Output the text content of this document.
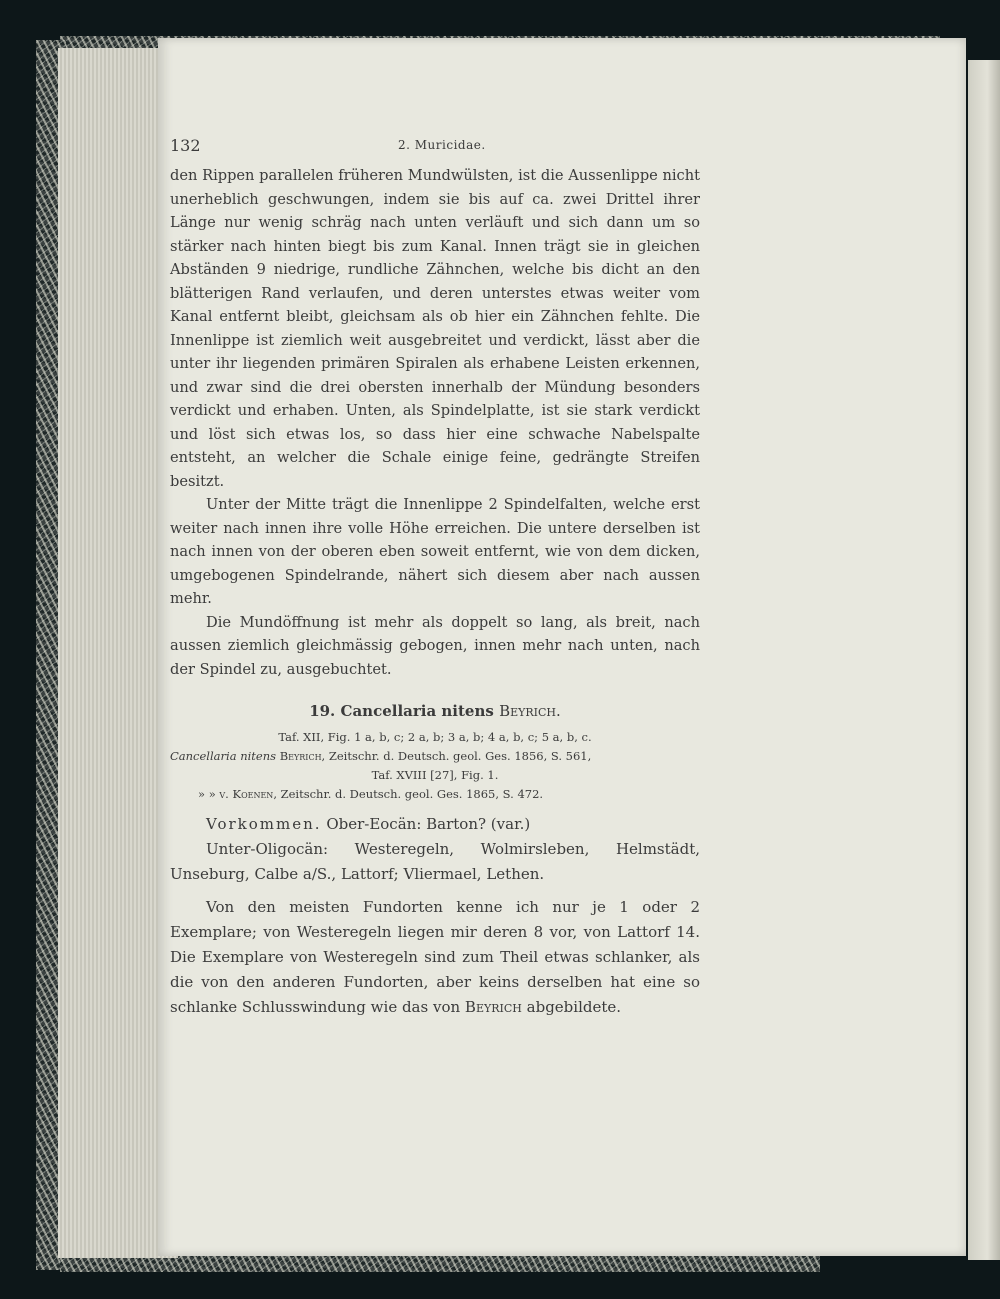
132	2. Muricidae.

den Rippen parallelen früheren Mundwülsten, ist die Aussenlippe nicht unerheblich geschwungen, indem sie bis auf ca. zwei Drittel ihrer Länge nur wenig schräg nach unten verläuft und sich dann um so stärker nach hinten biegt bis zum Kanal. Innen trägt sie in gleichen Abständen 9 niedrige, rundliche Zähnchen, welche bis dicht an den blätterigen Rand verlaufen, und deren unterstes etwas weiter vom Kanal entfernt bleibt, gleichsam als ob hier ein Zähnchen fehlte. Die Innenlippe ist ziemlich weit ausgebreitet und verdickt, lässt aber die unter ihr liegenden primären Spiralen als erhabene Leisten erkennen, und zwar sind die drei obersten innerhalb der Mündung besonders verdickt und erhaben. Unten, als Spindelplatte, ist sie stark verdickt und löst sich etwas los, so dass hier eine schwache Nabelspalte entsteht, an welcher die Schale einige feine, gedrängte Streifen besitzt.

Unter der Mitte trägt die Innenlippe 2 Spindelfalten, welche erst weiter nach innen ihre volle Höhe erreichen. Die untere derselben ist nach innen von der oberen eben soweit entfernt, wie von dem dicken, umgebogenen Spindelrande, nähert sich diesem aber nach aussen mehr.

Die Mundöffnung ist mehr als doppelt so lang, als breit, nach aussen ziemlich gleichmässig gebogen, innen mehr nach unten, nach der Spindel zu, ausgebuchtet.

19. Cancellaria nitens Beyrich.

Taf. XII, Fig. 1 a, b, c; 2 a, b; 3 a, b; 4 a, b, c; 5 a, b, c.

Cancellaria nitens Beyrich, Zeitschr. d. Deutsch. geol. Ges. 1856, S. 561,

Taf. XVIII [27], Fig. 1.

» » v. Koenen, Zeitschr. d. Deutsch. geol. Ges. 1865, S. 472.

Vorkommen. Ober-Eocän: Barton? (var.)

Unter-Oligocän: Westeregeln, Wolmirsleben, Helmstädt, Unseburg, Calbe a/S., Lattorf; Vliermael, Lethen.

Von den meisten Fundorten kenne ich nur je 1 oder 2 Exemplare; von Westeregeln liegen mir deren 8 vor, von Lattorf 14. Die Exemplare von Westeregeln sind zum Theil etwas schlanker, als die von den anderen Fundorten, aber keins derselben hat eine so schlanke Schlusswindung wie das von Beyrich abgebildete.
